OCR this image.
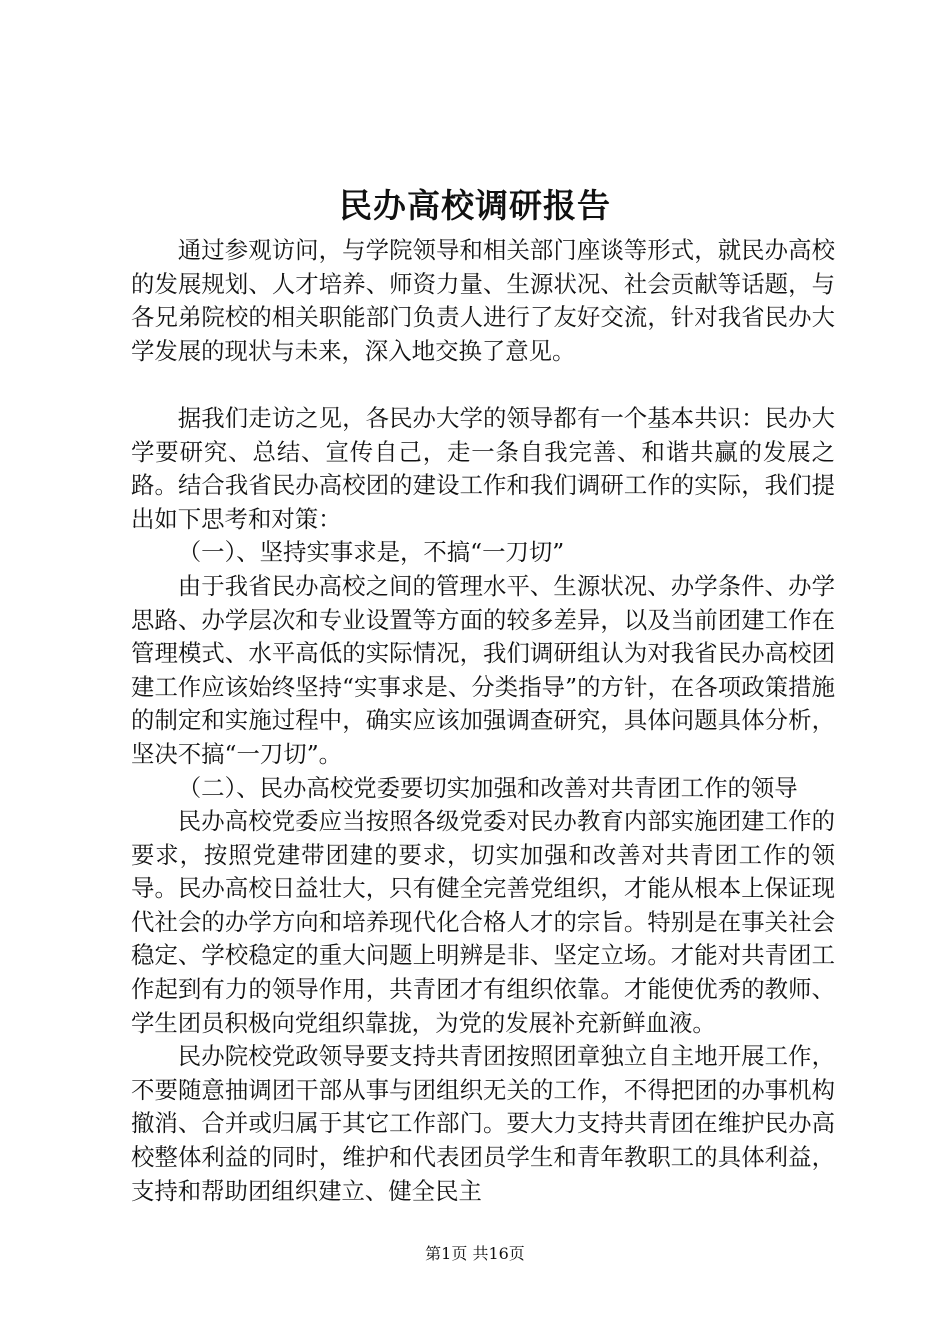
民办高校调研报告

通过参观访问，与学院领导和相关部门座谈等形式，就民办高校的发展规划、人才培养、师资力量、生源状况、社会贡献等话题，与各兄弟院校的相关职能部门负责人进行了友好交流，针对我省民办大学发展的现状与未来，深入地交换了意见。

据我们走访之见，各民办大学的领导都有一个基本共识：民办大学要研究、总结、宣传自己，走一条自我完善、和谐共赢的发展之路。结合我省民办高校团的建设工作和我们调研工作的实际，我们提出如下思考和对策：

（一）、坚持实事求是，不搞“一刀切”

由于我省民办高校之间的管理水平、生源状况、办学条件、办学思路、办学层次和专业设置等方面的较多差异，以及当前团建工作在管理模式、水平高低的实际情况，我们调研组认为对我省民办高校团建工作应该始终坚持“实事求是、分类指导”的方针，在各项政策措施的制定和实施过程中，确实应该加强调查研究，具体问题具体分析，坚决不搞“一刀切”。

（二）、民办高校党委要切实加强和改善对共青团工作的领导

民办高校党委应当按照各级党委对民办教育内部实施团建工作的要求，按照党建带团建的要求，切实加强和改善对共青团工作的领导。民办高校日益壮大，只有健全完善党组织，才能从根本上保证现代社会的办学方向和培养现代化合格人才的宗旨。特别是在事关社会稳定、学校稳定的重大问题上明辨是非、坚定立场。才能对共青团工作起到有力的领导作用，共青团才有组织依靠。才能使优秀的教师、学生团员积极向党组织靠拢，为党的发展补充新鲜血液。

民办院校党政领导要支持共青团按照团章独立自主地开展工作，不要随意抽调团干部从事与团组织无关的工作，不得把团的办事机构撤消、合并或归属于其它工作部门。要大力支持共青团在维护民办高校整体利益的同时，维护和代表团员学生和青年教职工的具体利益，支持和帮助团组织建立、健全民主

第1页 共16页
